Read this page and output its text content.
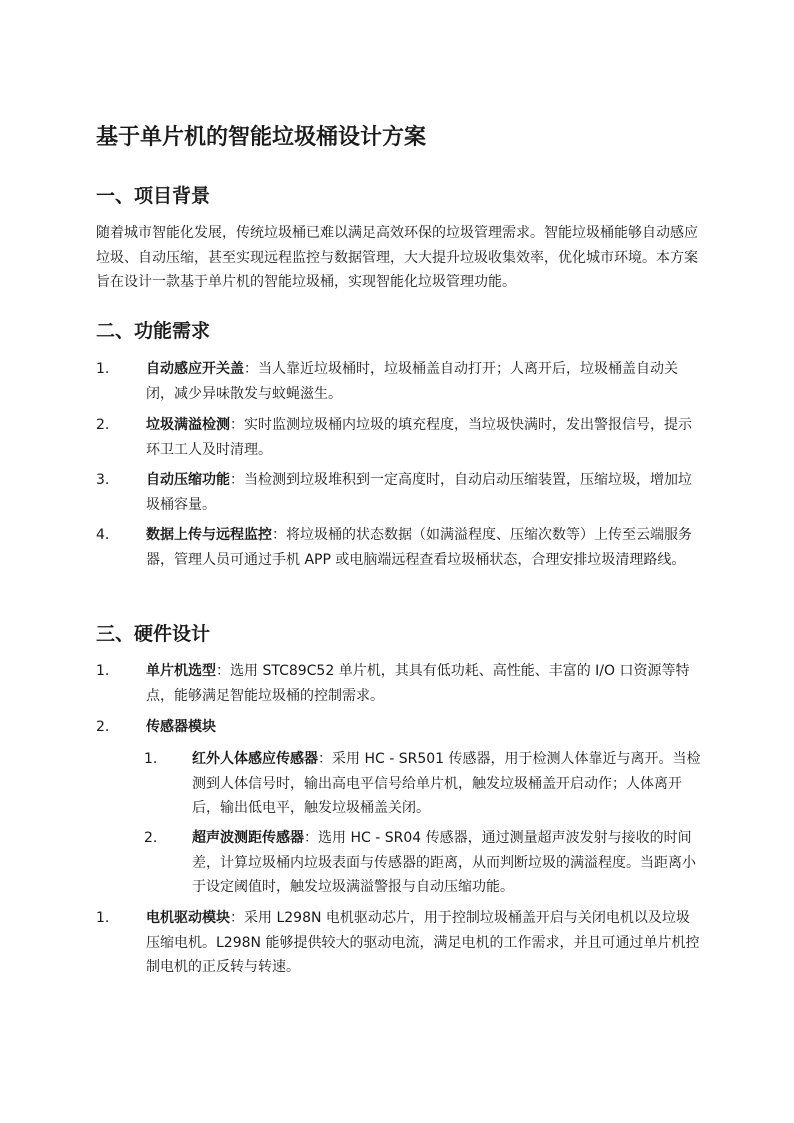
基于单片机的智能垃圾桶设计方案
一、项目背景

随着城市智能化发展，传统垃圾桶已难以满足高效环保的垃圾管理需求。智能垃圾桶能够自动感应垃圾、自动压缩，甚至实现远程监控与数据管理，大大提升垃圾收集效率，优化城市环境。本方案旨在设计一款基于单片机的智能垃圾桶，实现智能化垃圾管理功能。

二、功能需求
1.	自动感应开关盖：当人靠近垃圾桶时，垃圾桶盖自动打开；人离开后，垃圾桶盖自动关闭，减少异味散发与蚊蝇滋生。
2.	垃圾满溢检测：实时监测垃圾桶内垃圾的填充程度，当垃圾快满时，发出警报信号，提示环卫工人及时清理。
3.	自动压缩功能：当检测到垃圾堆积到一定高度时，自动启动压缩装置，压缩垃圾，增加垃圾桶容量。
4.	数据上传与远程监控：将垃圾桶的状态数据（如满溢程度、压缩次数等）上传至云端服务器，管理人员可通过手机 APP 或电脑端远程查看垃圾桶状态，合理安排垃圾清理路线。
三、硬件设计
1.	单片机选型：选用 STC89C52 单片机，其具有低功耗、高性能、丰富的 I/O 口资源等特点，能够满足智能垃圾桶的控制需求。
2.	传感器模块
1. 红外人体感应传感器：采用 HC - SR501 传感器，用于检测人体靠近与离开。当检测到人体信号时，输出高电平信号给单片机，触发垃圾桶盖开启动作；人体离开后，输出低电平，触发垃圾桶盖关闭。
2. 超声波测距传感器：选用 HC - SR04 传感器，通过测量超声波发射与接收的时间差，计算垃圾桶内垃圾表面与传感器的距离，从而判断垃圾的满溢程度。当距离小于设定阈值时，触发垃圾满溢警报与自动压缩功能。
1.	电机驱动模块：采用 L298N 电机驱动芯片，用于控制垃圾桶盖开启与关闭电机以及垃圾压缩电机。L298N 能够提供较大的驱动电流，满足电机的工作需求，并且可通过单片机控制电机的正反转与转速。
